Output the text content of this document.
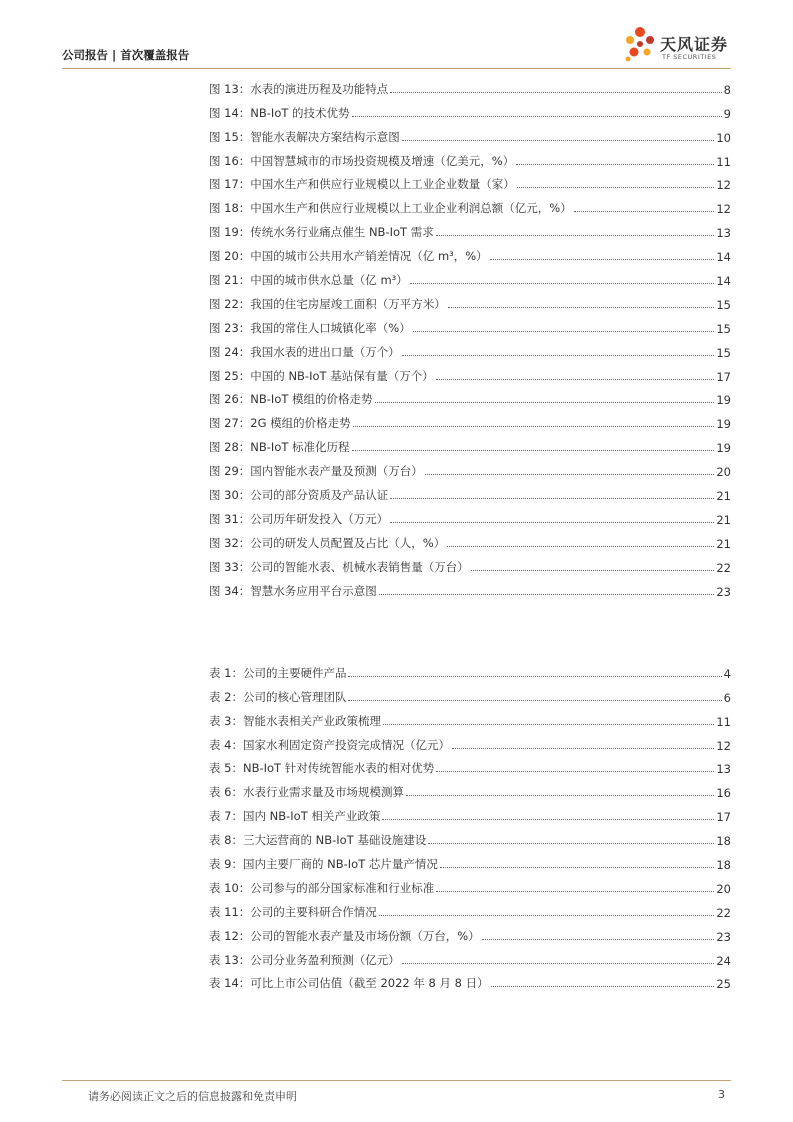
公司报告 | 首次覆盖报告
天风证券
TF SECURITIES
图 13：水表的演进历程及功能特点	8
图 14：NB-IoT 的技术优势	9
图 15：智能水表解决方案结构示意图	10
图 16：中国智慧城市的市场投资规模及增速（亿美元，%）	11
图 17：中国水生产和供应行业规模以上工业企业数量（家）	12
图 18：中国水生产和供应行业规模以上工业企业利润总额（亿元，%）	12
图 19：传统水务行业痛点催生 NB-IoT 需求	13
图 20：中国的城市公共用水产销差情况（亿 m³，%）	14
图 21：中国的城市供水总量（亿 m³）	14
图 22：我国的住宅房屋竣工面积（万平方米）	15
图 23：我国的常住人口城镇化率（%）	15
图 24：我国水表的进出口量（万个）	15
图 25：中国的 NB-IoT 基站保有量（万个）	17
图 26：NB-IoT 模组的价格走势	19
图 27：2G 模组的价格走势	19
图 28：NB-IoT 标准化历程	19
图 29：国内智能水表产量及预测（万台）	20
图 30：公司的部分资质及产品认证	21
图 31：公司历年研发投入（万元）	21
图 32：公司的研发人员配置及占比（人，%）	21
图 33：公司的智能水表、机械水表销售量（万台）	22
图 34：智慧水务应用平台示意图	23
表 1：公司的主要硬件产品	4
表 2：公司的核心管理团队	6
表 3：智能水表相关产业政策梳理	11
表 4：国家水利固定资产投资完成情况（亿元）	12
表 5：NB-IoT 针对传统智能水表的相对优势	13
表 6：水表行业需求量及市场规模测算	16
表 7：国内 NB-IoT 相关产业政策	17
表 8：三大运营商的 NB-IoT 基础设施建设	18
表 9：国内主要厂商的 NB-IoT 芯片量产情况	18
表 10：公司参与的部分国家标准和行业标准	20
表 11：公司的主要科研合作情况	22
表 12：公司的智能水表产量及市场份额（万台，%）	23
表 13：公司分业务盈利预测（亿元）	24
表 14：可比上市公司估值（截至 2022 年 8 月 8 日）	25
请务必阅读正文之后的信息披露和免责申明	3
